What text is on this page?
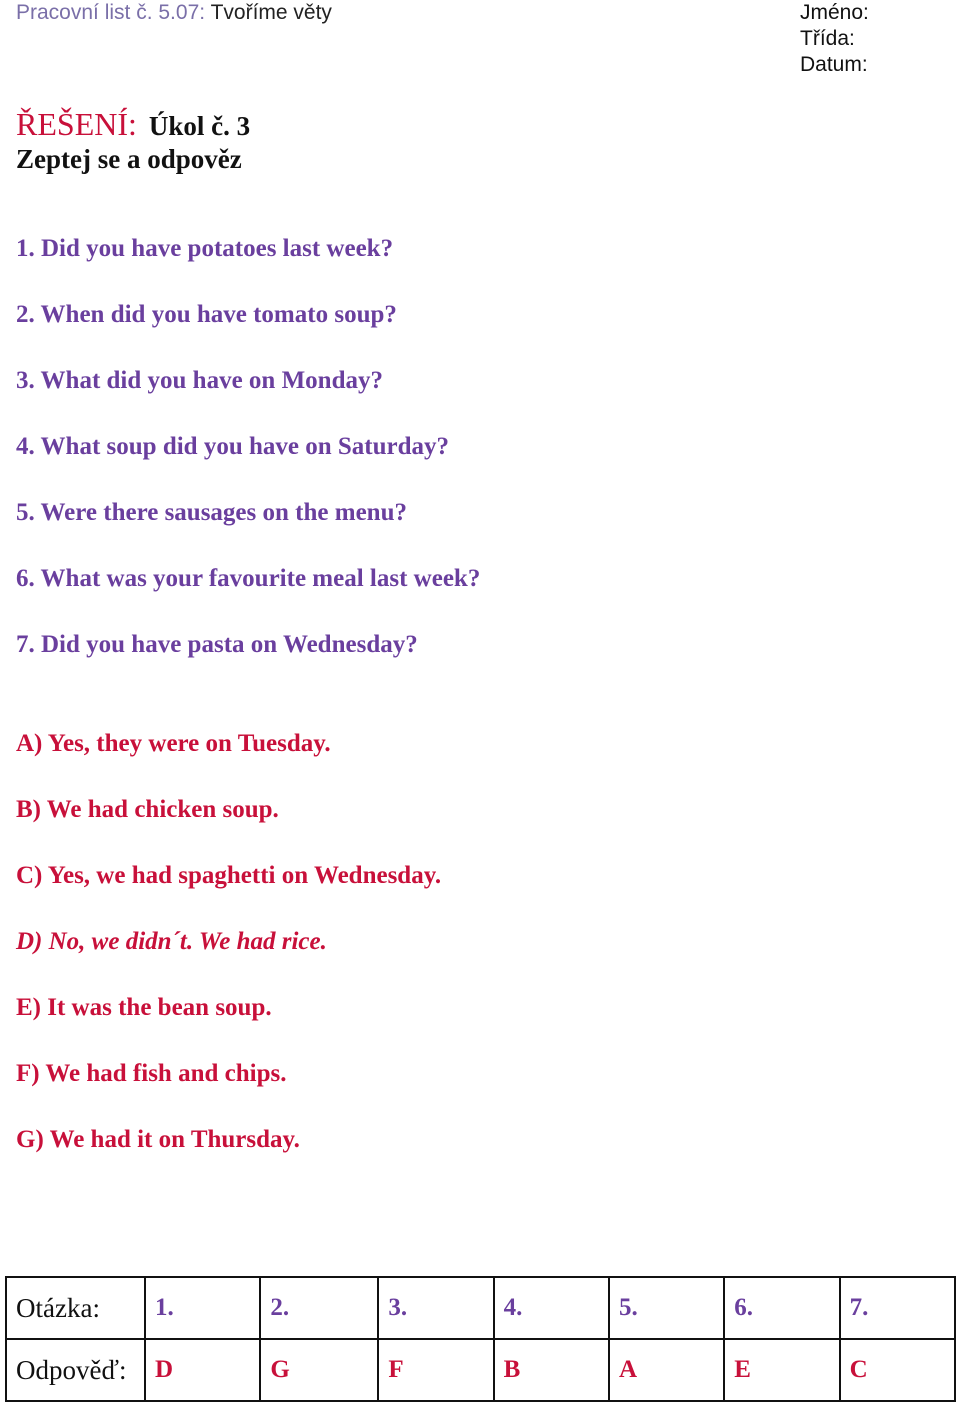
Pracovní list č. 5.07: Tvoříme věty	Jméno:
Třída:
Datum:
ŘEŠENÍ: Úkol č. 3
Zeptej se a odpověz
1. Did you have potatoes last week?
2. When did you have tomato soup?
3. What did you have on Monday?
4. What soup did you have on Saturday?
5. Were there sausages on the menu?
6. What was your favourite meal last week?
7. Did you have pasta on Wednesday?
A) Yes, they were on Tuesday.
B) We had chicken soup.
C) Yes, we had spaghetti on Wednesday.
D) No, we didn´t. We had rice.
E) It was the bean soup.
F) We had fish and chips.
G) We had it on Thursday.
Otázka:	1.	2.	3.	4.	5.	6.	7.
Odpověď:	D	G	F	B	A	E	C
